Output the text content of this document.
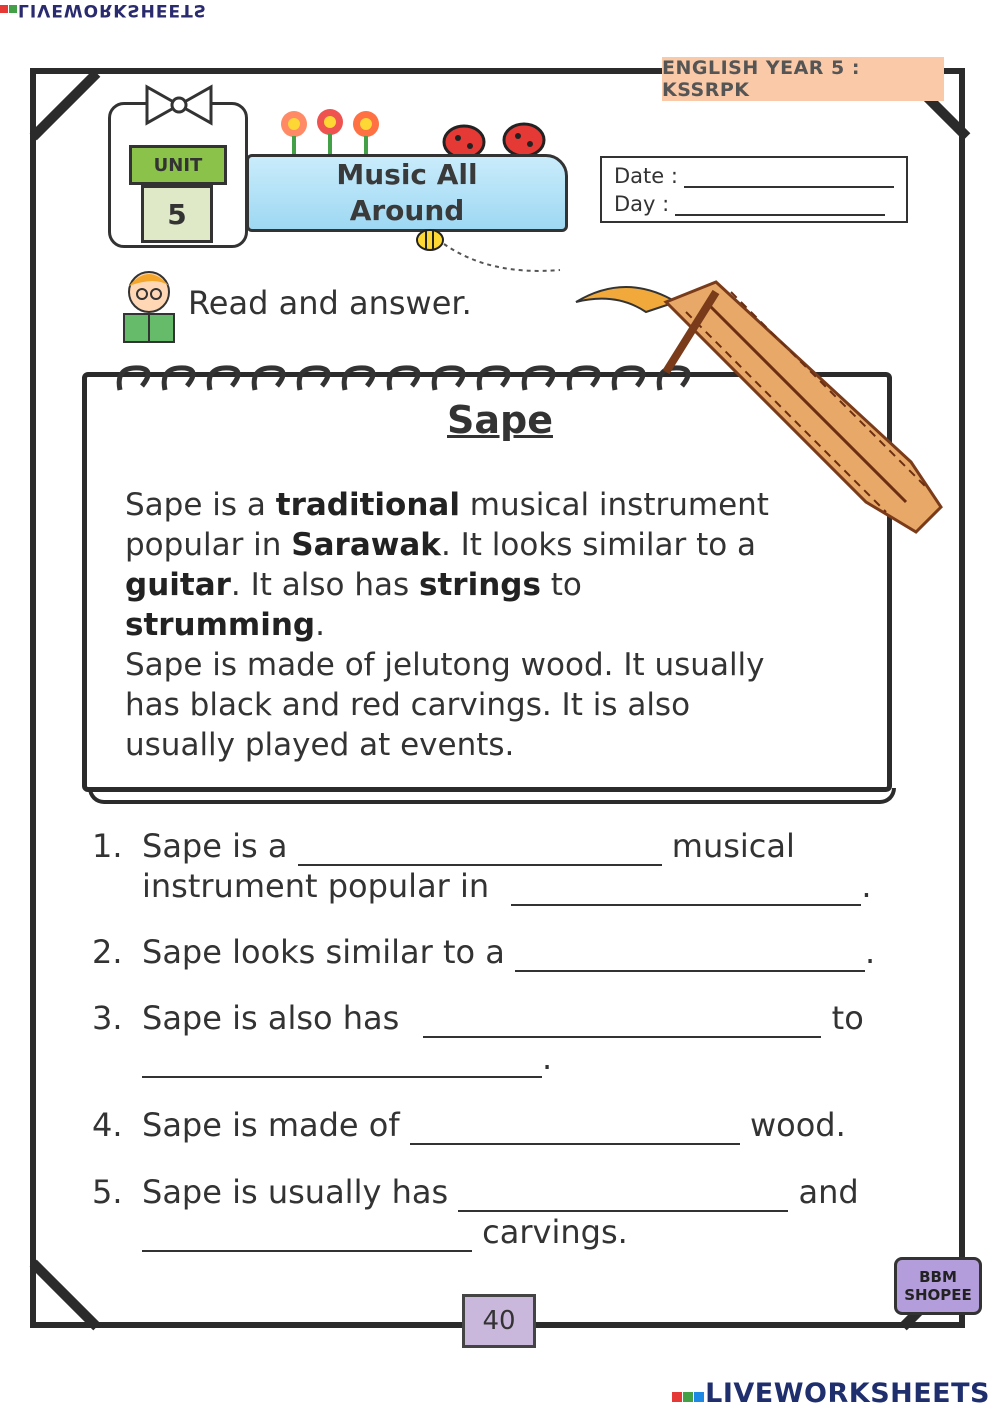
LIVEWORKSHEETS
ENGLISH YEAR 5 : KSSRPK
UNIT
5
Music All
Around
Date :
Day :
Read and answer.
Sape
Sape is a traditional musical instrument popular in Sarawak. It looks similar to a guitar. It also has strings to strumming.
Sape is made of jelutong wood. It usually has black and red carvings. It is also usually played at events.
1. Sape is a	musical
instrument popular in	.
2. Sape looks similar to a	.
3. Sape is also has	to
.
4. Sape is made of	wood.
5. Sape is usually has	and
carvings.
40
BBM
SHOPEE
LIVEWORKSHEETS
